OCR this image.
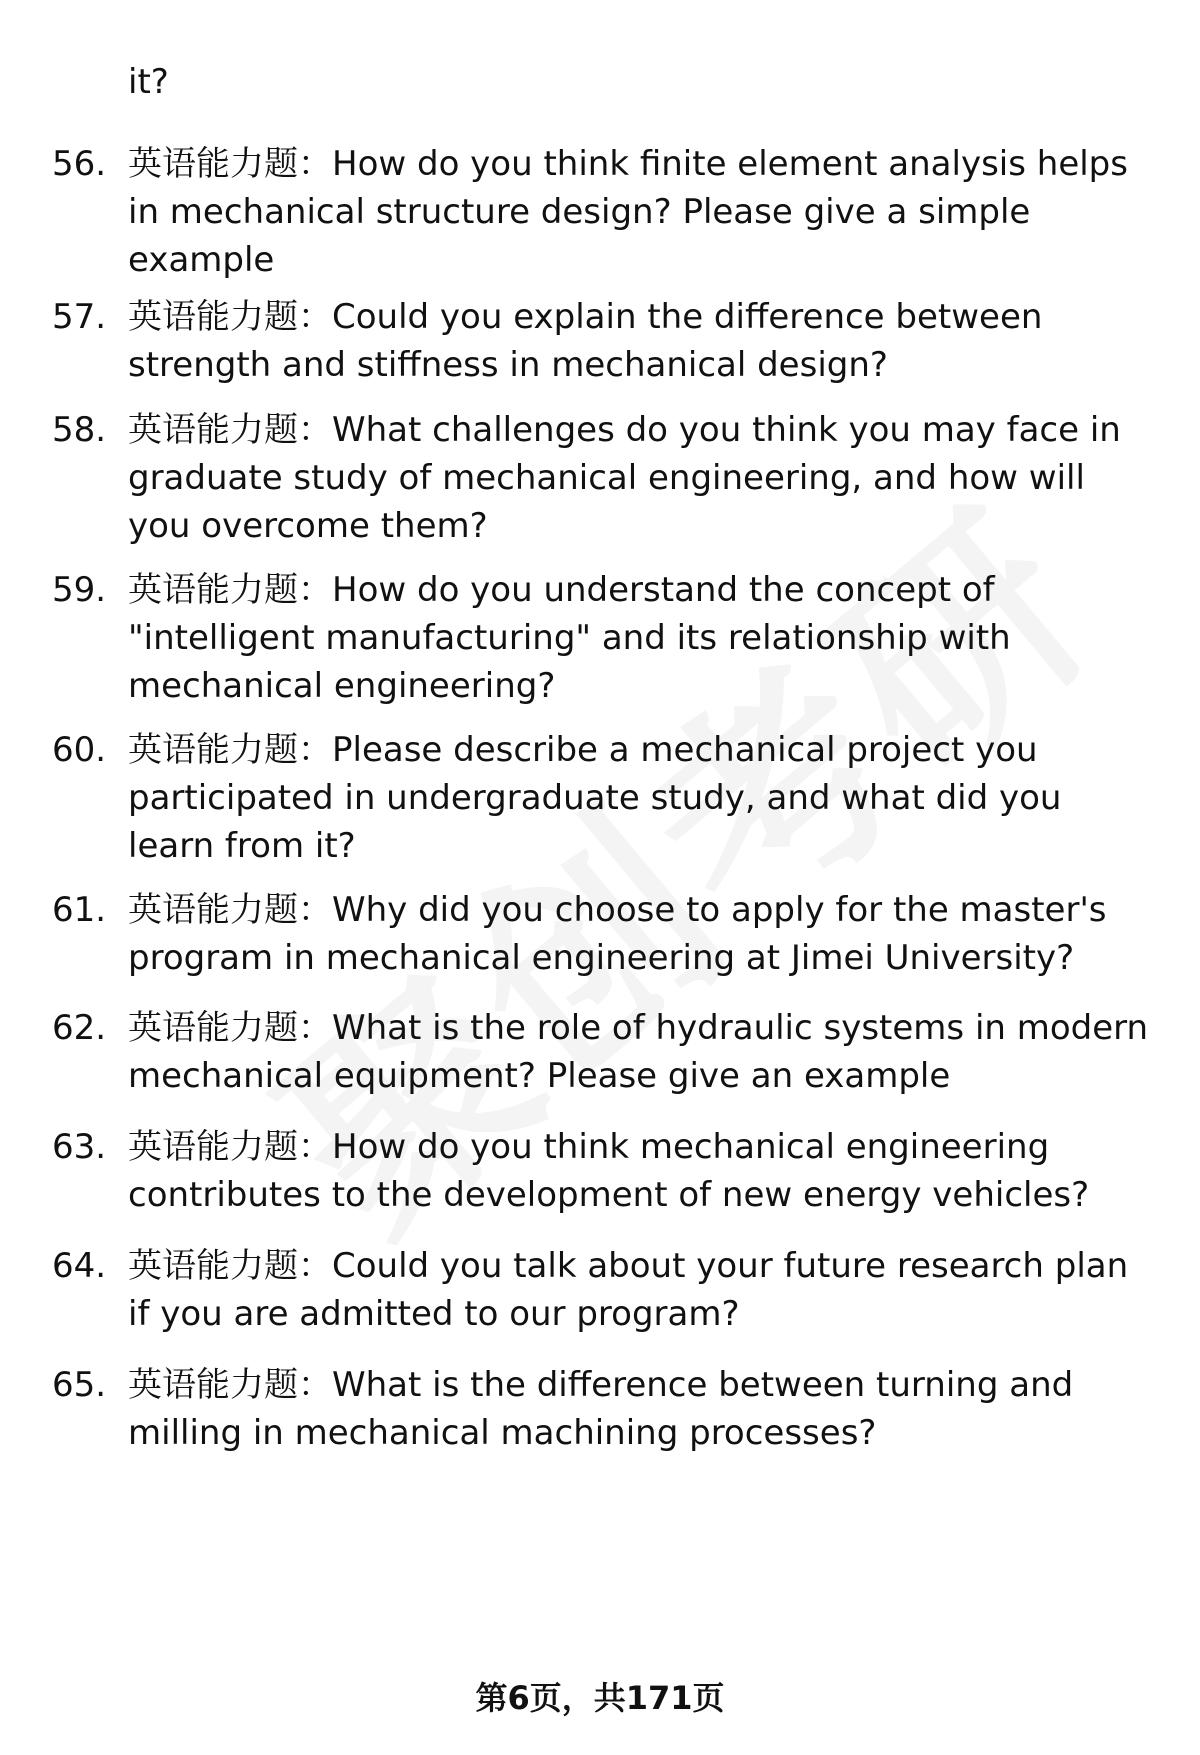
it?
56. 英语能力题：How do you think finite element analysis helps in mechanical structure design? Please give a simple example
57. 英语能力题：Could you explain the difference between strength and stiffness in mechanical design?
58. 英语能力题：What challenges do you think you may face in graduate study of mechanical engineering, and how will you overcome them?
59. 英语能力题：How do you understand the concept of "intelligent manufacturing" and its relationship with mechanical engineering?
60. 英语能力题：Please describe a mechanical project you participated in undergraduate study, and what did you learn from it?
61. 英语能力题：Why did you choose to apply for the master's program in mechanical engineering at Jimei University?
62. 英语能力题：What is the role of hydraulic systems in modern mechanical equipment? Please give an example
63. 英语能力题：How do you think mechanical engineering contributes to the development of new energy vehicles?
64. 英语能力题：Could you talk about your future research plan if you are admitted to our program?
65. 英语能力题：What is the difference between turning and milling in mechanical machining processes?
第6页，共171页
